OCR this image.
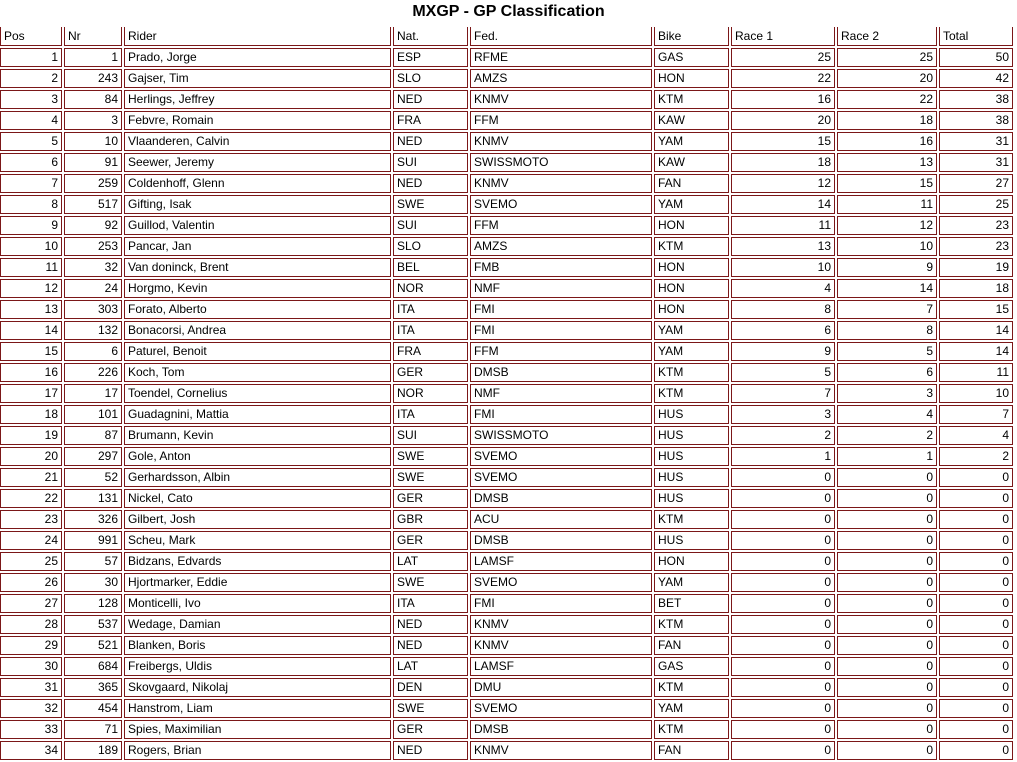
MXGP - GP Classification
Pos	Nr	Rider	Nat.	Fed.	Bike	Race 1	Race 2	Total
1	1	Prado, Jorge	ESP	RFME	GAS	25	25	50
2	243	Gajser, Tim	SLO	AMZS	HON	22	20	42
3	84	Herlings, Jeffrey	NED	KNMV	KTM	16	22	38
4	3	Febvre, Romain	FRA	FFM	KAW	20	18	38
5	10	Vlaanderen, Calvin	NED	KNMV	YAM	15	16	31
6	91	Seewer, Jeremy	SUI	SWISSMOTO	KAW	18	13	31
7	259	Coldenhoff, Glenn	NED	KNMV	FAN	12	15	27
8	517	Gifting, Isak	SWE	SVEMO	YAM	14	11	25
9	92	Guillod, Valentin	SUI	FFM	HON	11	12	23
10	253	Pancar, Jan	SLO	AMZS	KTM	13	10	23
11	32	Van doninck, Brent	BEL	FMB	HON	10	9	19
12	24	Horgmo, Kevin	NOR	NMF	HON	4	14	18
13	303	Forato, Alberto	ITA	FMI	HON	8	7	15
14	132	Bonacorsi, Andrea	ITA	FMI	YAM	6	8	14
15	6	Paturel, Benoit	FRA	FFM	YAM	9	5	14
16	226	Koch, Tom	GER	DMSB	KTM	5	6	11
17	17	Toendel, Cornelius	NOR	NMF	KTM	7	3	10
18	101	Guadagnini, Mattia	ITA	FMI	HUS	3	4	7
19	87	Brumann, Kevin	SUI	SWISSMOTO	HUS	2	2	4
20	297	Gole, Anton	SWE	SVEMO	HUS	1	1	2
21	52	Gerhardsson, Albin	SWE	SVEMO	HUS	0	0	0
22	131	Nickel, Cato	GER	DMSB	HUS	0	0	0
23	326	Gilbert, Josh	GBR	ACU	KTM	0	0	0
24	991	Scheu, Mark	GER	DMSB	HUS	0	0	0
25	57	Bidzans, Edvards	LAT	LAMSF	HON	0	0	0
26	30	Hjortmarker, Eddie	SWE	SVEMO	YAM	0	0	0
27	128	Monticelli, Ivo	ITA	FMI	BET	0	0	0
28	537	Wedage, Damian	NED	KNMV	KTM	0	0	0
29	521	Blanken, Boris	NED	KNMV	FAN	0	0	0
30	684	Freibergs, Uldis	LAT	LAMSF	GAS	0	0	0
31	365	Skovgaard, Nikolaj	DEN	DMU	KTM	0	0	0
32	454	Hanstrom, Liam	SWE	SVEMO	YAM	0	0	0
33	71	Spies, Maximilian	GER	DMSB	KTM	0	0	0
34	189	Rogers, Brian	NED	KNMV	FAN	0	0	0
